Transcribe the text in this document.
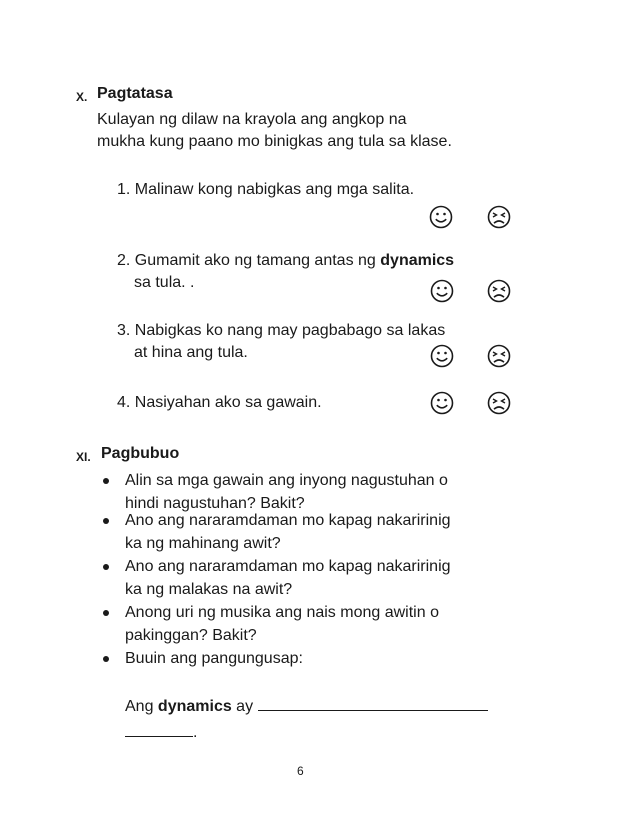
X. Pagtatasa
Kulayan ng dilaw na krayola ang angkop na
mukha kung paano mo binigkas ang tula sa klase.
1. Malinaw kong nabigkas ang mga salita.
2. Gumamit ako ng tamang antas ng dynamics
sa tula. .
3. Nabigkas ko nang may pagbabago sa lakas
at hina ang tula.
4. Nasiyahan ako sa gawain.
XI. Pagbubuo
Alin sa mga gawain ang inyong nagustuhan o
hindi nagustuhan? Bakit?
Ano ang nararamdaman mo kapag nakaririnig
ka ng mahinang awit?
Ano ang nararamdaman mo kapag nakaririnig
ka ng malakas na awit?
Anong uri ng musika ang nais mong awitin o
pakinggan? Bakit?
Buuin ang pangungusap:
Ang dynamics ay
.
6
